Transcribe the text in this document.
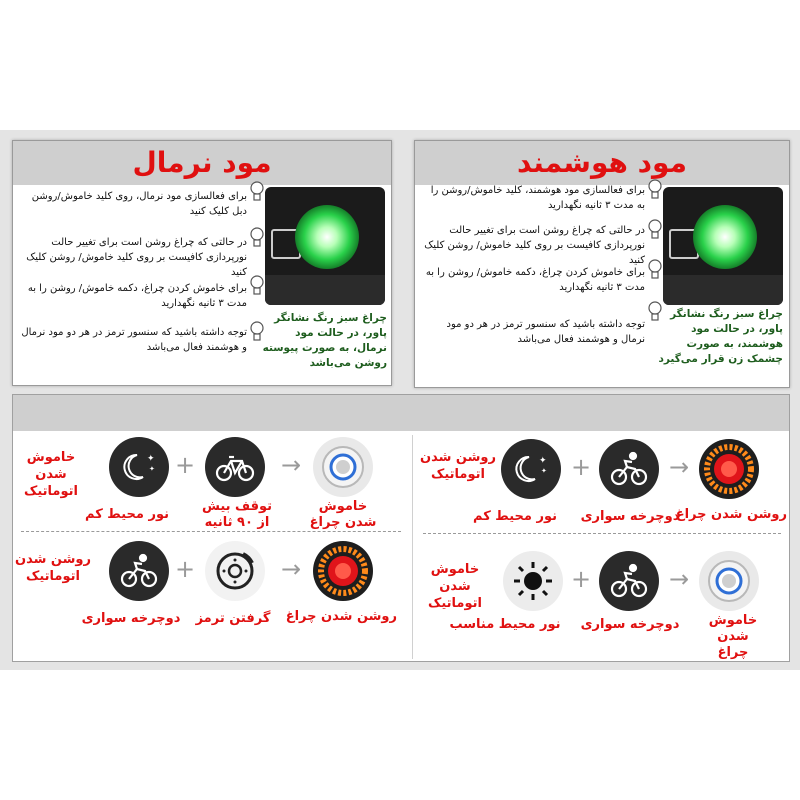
مود هوشمند
برای فعالسازی مود هوشمند، کلید خاموش/روشن را به مدت ۳ ثانیه نگهدارید
در حالتی که چراغ روشن است برای تغییر حالت نورپردازی کافیست بر روی کلید خاموش/ روشن کلیک کنید
برای خاموش کردن چراغ، دکمه خاموش/ روشن را به مدت ۳ ثانیه نگهدارید
توجه داشته باشید که سنسور ترمز در هر دو مود نرمال و هوشمند فعال می‌باشد
چراغ سبز رنگ نشانگر پاور، در حالت مود هوشمند، به صورت چشمک زن قرار می‌گیرد
مود نرمال
برای فعالسازی مود نرمال، روی کلید خاموش/روشن دبل کلیک کنید
در حالتی که چراغ روشن است برای تغییر حالت نورپردازی کافیست بر روی کلید خاموش/ روشن کلیک کنید
برای خاموش کردن چراغ، دکمه خاموش/ روشن را به مدت ۳ ثانیه نگهدارید
توجه داشته باشید که سنسور ترمز در هر دو مود نرمال و هوشمند فعال می‌باشد
چراغ سبز رنگ نشانگر پاور، در حالت مود نرمال، به صورت پیوسته روشن می‌باشد
→
+
✦
✦
روشن شدن چراغ
دوچرخه سواری
نور محیط کم
روشن شدن اتوماتیک
→
+
خاموش شدن چراغ
دوچرخه سواری
نور محیط مناسب
خاموش شدن اتوماتیک
→
+
✦
✦
خاموش شدن چراغ
توقف بیش از ۹۰ ثانیه
نور محیط کم
خاموش شدن اتوماتیک
→
+
روشن شدن چراغ
گرفتن ترمز
دوچرخه سواری
روشن شدن اتوماتیک
